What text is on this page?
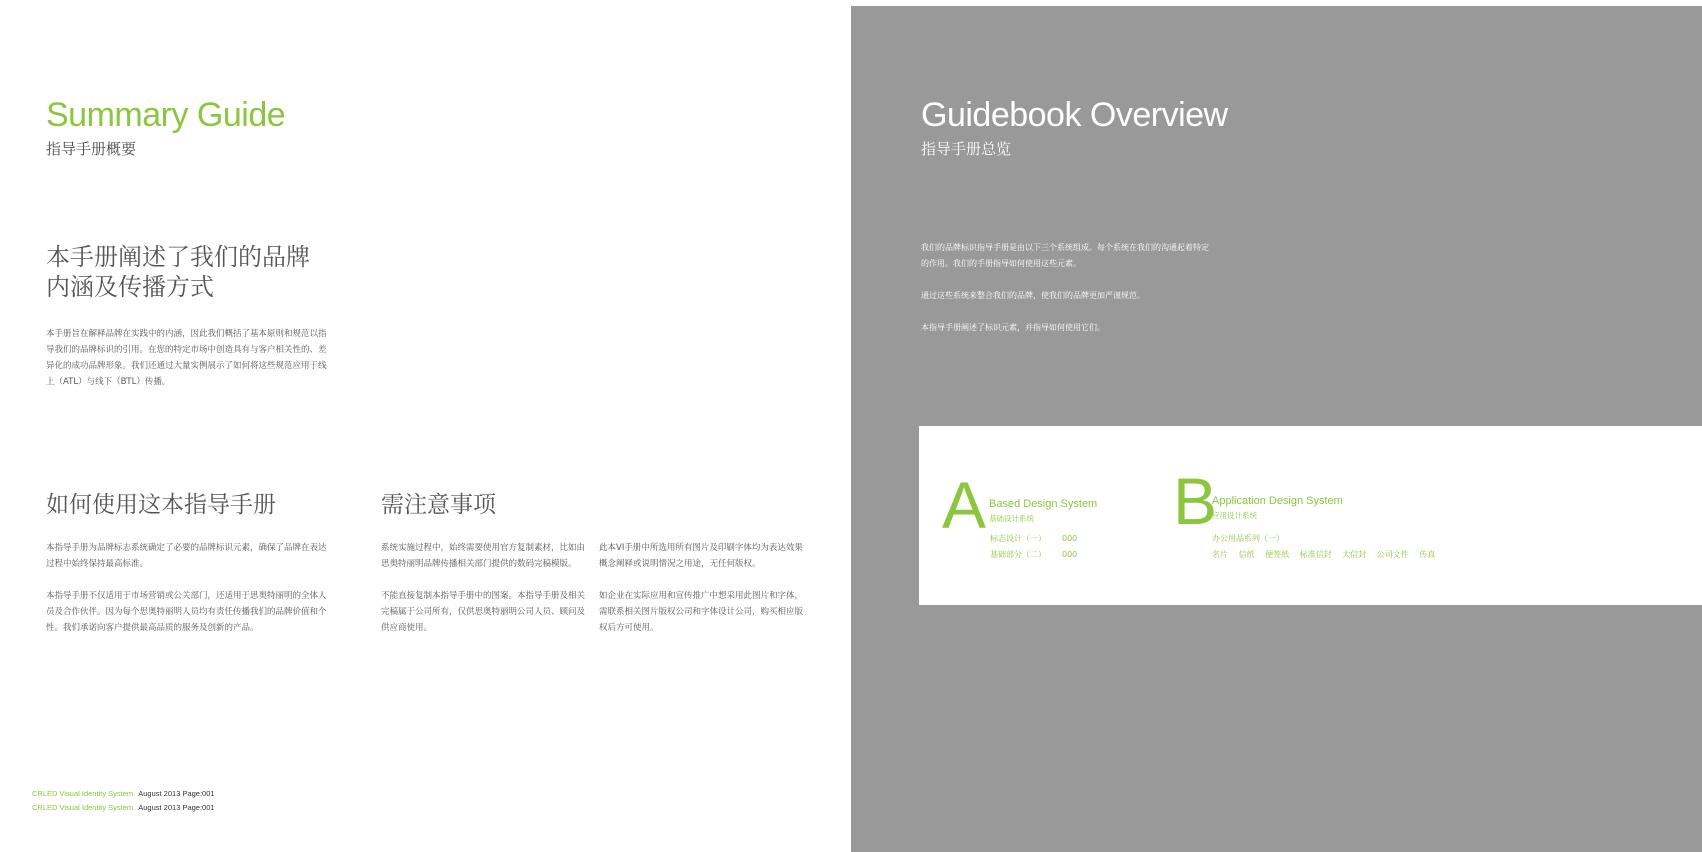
Summary Guide
指导手册概要
本手册阐述了我们的品牌
内涵及传播方式

本手册旨在解释品牌在实践中的内涵，因此我们概括了基本原则和规范以指
导我们的品牌标识的引用。在您的特定市场中创造具有与客户相关性的、差
异化的成功品牌形象。我们还通过大量实例展示了如何将这些规范应用于线
上（ATL）与线下（BTL）传播。

如何使用这本指导手册

本指导手册为品牌标志系统确定了必要的品牌标识元素，确保了品牌在表达
过程中始终保持最高标准。

本指导手册不仅适用于市场营销或公关部门，还适用于思奥特丽明的全体人
员及合作伙伴。因为每个思奥特丽明人员均有责任传播我们的品牌价值和个
性。我们承诺向客户提供最高品质的服务及创新的产品。

需注意事项

系统实施过程中，始终需要使用官方复制素材，比如由
思奥特丽明品牌传播相关部门提供的数码完稿模版。

不能直接复制本指导手册中的图案。本指导手册及相关
完稿属于公司所有，仅供思奥特丽明公司人员、顾问及
供应商使用。

此本VI手册中所选用所有图片及印刷字体均为表达效果
概念阐释或说明情况之用途，无任何版权。

如企业在实际应用和宣传推广中想采用此图片和字体，
需联系相关图片版权公司和字体设计公司，购买相应版
权后方可使用。

CRLED Visual Identity System. August 2013 Page:001
CRLED Visual Identity System. August 2013 Page:001
Guidebook Overview
指导手册总览

我们的品牌标识指导手册是由以下三个系统组成。每个系统在我们的沟通起着特定
的作用。我们的手册指导如何使用这些元素。

通过这些系统来整合我们的品牌，使我们的品牌更加严谨规范。

本指导手册阐述了标识元素，并指导如何使用它们。

A Based Design System
基础设计系统
标志设计（一） 000
基础部分（二） 000
B
Application Design System
应用设计系统
办公用品系列（一）
名片 信纸 便签纸 标准信封 大信封 公司文件 传真
